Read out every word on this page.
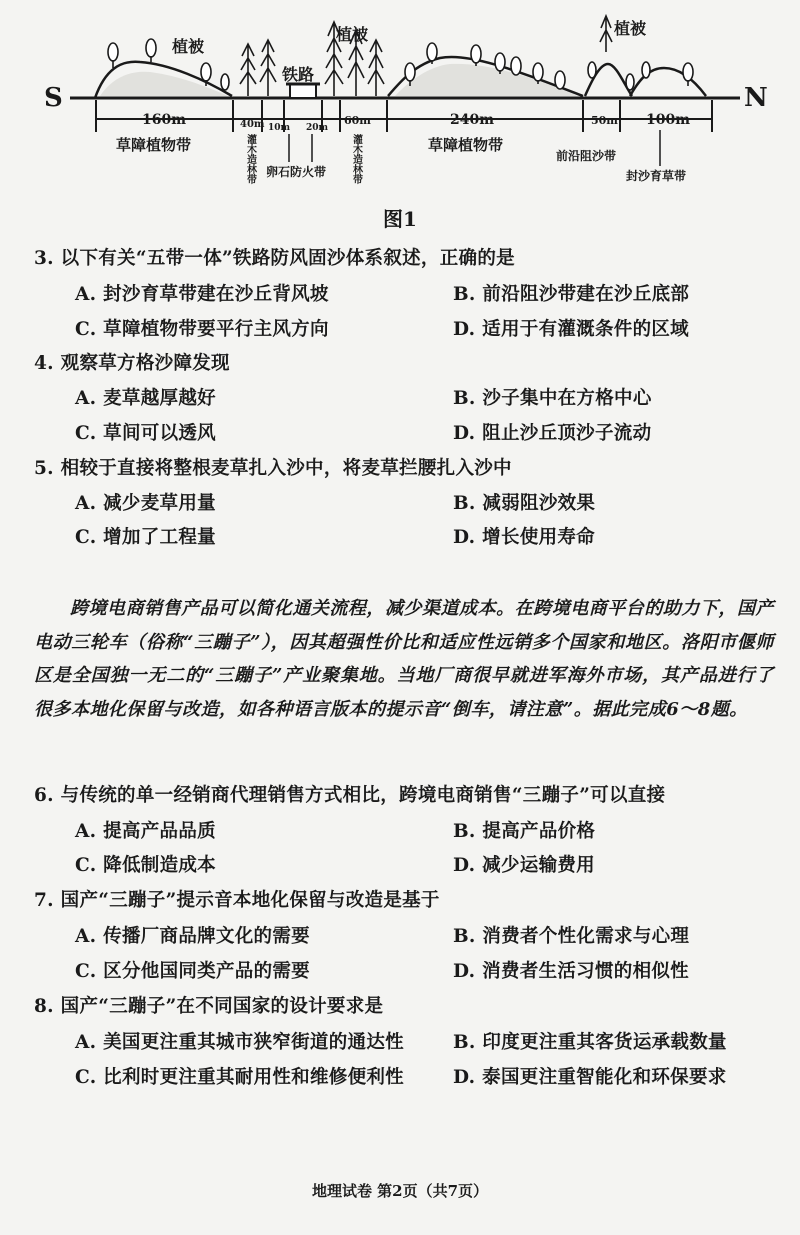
S	N
铁路
植被
植被	植被
160m	40m 10m 20m
60m	240m	50m 100m
草障植物带	草障植物带
灌木造林带 卵石防火带 灌木造林带	前沿阻沙带
封沙育草带
图1
3. 以下有关“五带一体”铁路防风固沙体系叙述，正确的是
A. 封沙育草带建在沙丘背风坡	B. 前沿阻沙带建在沙丘底部
C. 草障植物带要平行主风方向	D. 适用于有灌溉条件的区域
4. 观察草方格沙障发现
A. 麦草越厚越好	B. 沙子集中在方格中心
C. 草间可以透风	D. 阻止沙丘顶沙子流动
5. 相较于直接将整根麦草扎入沙中，将麦草拦腰扎入沙中
A. 减少麦草用量	B. 减弱阻沙效果
C. 增加了工程量	D. 增长使用寿命

跨境电商销售产品可以简化通关流程，减少渠道成本。在跨境电商平台的助力下，国产电动三轮车（俗称“三蹦子”），因其超强性价比和适应性远销多个国家和地区。洛阳市偃师区是全国独一无二的“三蹦子”产业聚集地。当地厂商很早就进军海外市场，其产品进行了很多本地化保留与改造，如各种语言版本的提示音“倒车，请注意”。据此完成6～8题。

6. 与传统的单一经销商代理销售方式相比，跨境电商销售“三蹦子”可以直接
A. 提高产品品质	B. 提高产品价格
C. 降低制造成本	D. 减少运输费用
7. 国产“三蹦子”提示音本地化保留与改造是基于
A. 传播厂商品牌文化的需要	B. 消费者个性化需求与心理
C. 区分他国同类产品的需要	D. 消费者生活习惯的相似性
8. 国产“三蹦子”在不同国家的设计要求是
A. 美国更注重其城市狭窄街道的通达性	B. 印度更注重其客货运承载数量
C. 比利时更注重其耐用性和维修便利性	D. 泰国更注重智能化和环保要求
地理试卷 第2页（共7页）
